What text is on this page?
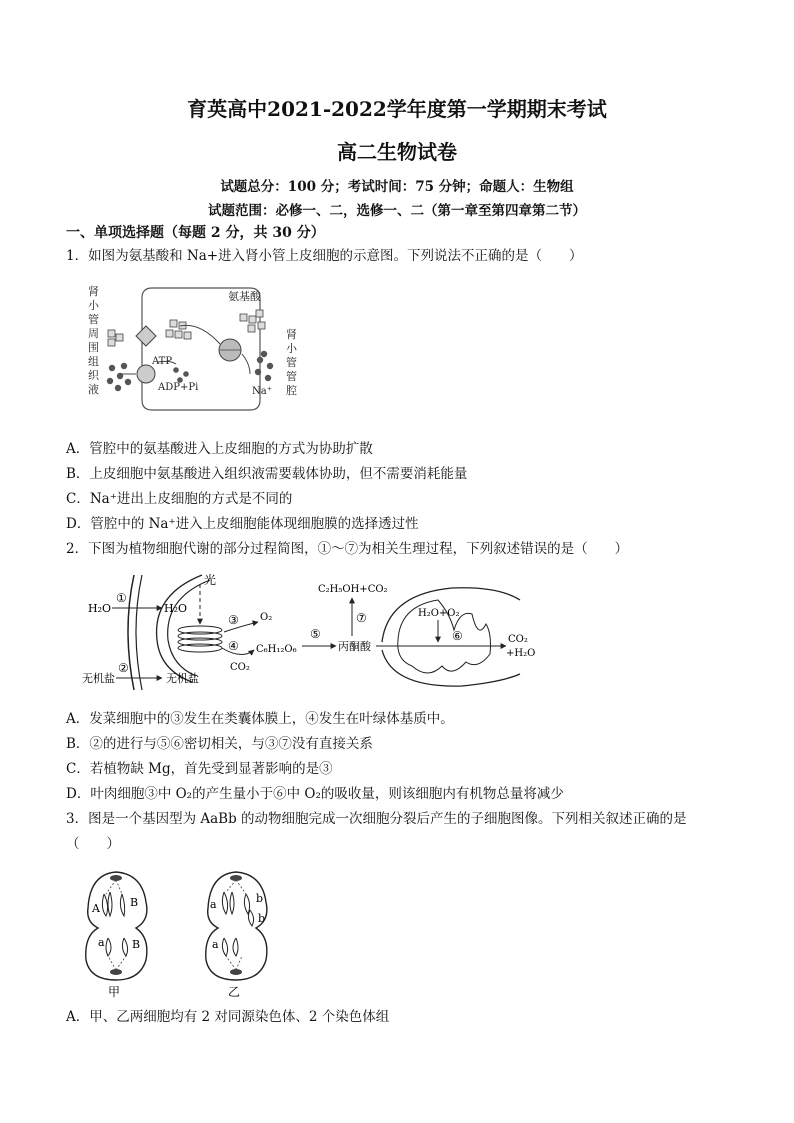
育英高中2021-2022学年度第一学期期末考试
高二生物试卷
试题总分：100 分；考试时间：75 分钟；命题人：生物组
试题范围：必修一、二，选修一、二（第一章至第四章第二节）
一、单项选择题（每题 2 分，共 30 分）
1．如图为氨基酸和 Na+进入肾小管上皮细胞的示意图。下列说法不正确的是（　　）
肾
小
管
周
围
组
织
液
肾
小
管
管
腔
氨基酸
ATP
ADP+Pi	Na⁺
A．管腔中的氨基酸进入上皮细胞的方式为协助扩散
B．上皮细胞中氨基酸进入组织液需要载体协助，但不需要消耗能量
C．Na⁺进出上皮细胞的方式是不同的
D．管腔中的 Na⁺进入上皮细胞能体现细胞膜的选择透过性
2．下图为植物细胞代谢的部分过程简图，①～⑦为相关生理过程，下列叙述错误的是（　　）
光
H₂O
①
H₂O
③ O₂
④ C₆H₁₂O₆
CO₂
⑤
丙酮酸
⑦
C₂H₅OH+CO₂
H₂O+O₂
⑥	CO₂
+H₂O
无机盐
②
无机盐
A．发菜细胞中的③发生在类囊体膜上，④发生在叶绿体基质中。
B．②的进行与⑤⑥密切相关，与③⑦没有直接关系
C．若植物缺 Mg，首先受到显著影响的是③
D．叶肉细胞③中 O₂的产生量小于⑥中 O₂的吸收量，则该细胞内有机物总量将减少
3．图是一个基因型为 AaBb 的动物细胞完成一次细胞分裂后产生的子细胞图像。下列相关叙述正确的是
（　　）
A	B
a B
甲
a	b
b
a
乙
A．甲、乙两细胞均有 2 对同源染色体、2 个染色体组
